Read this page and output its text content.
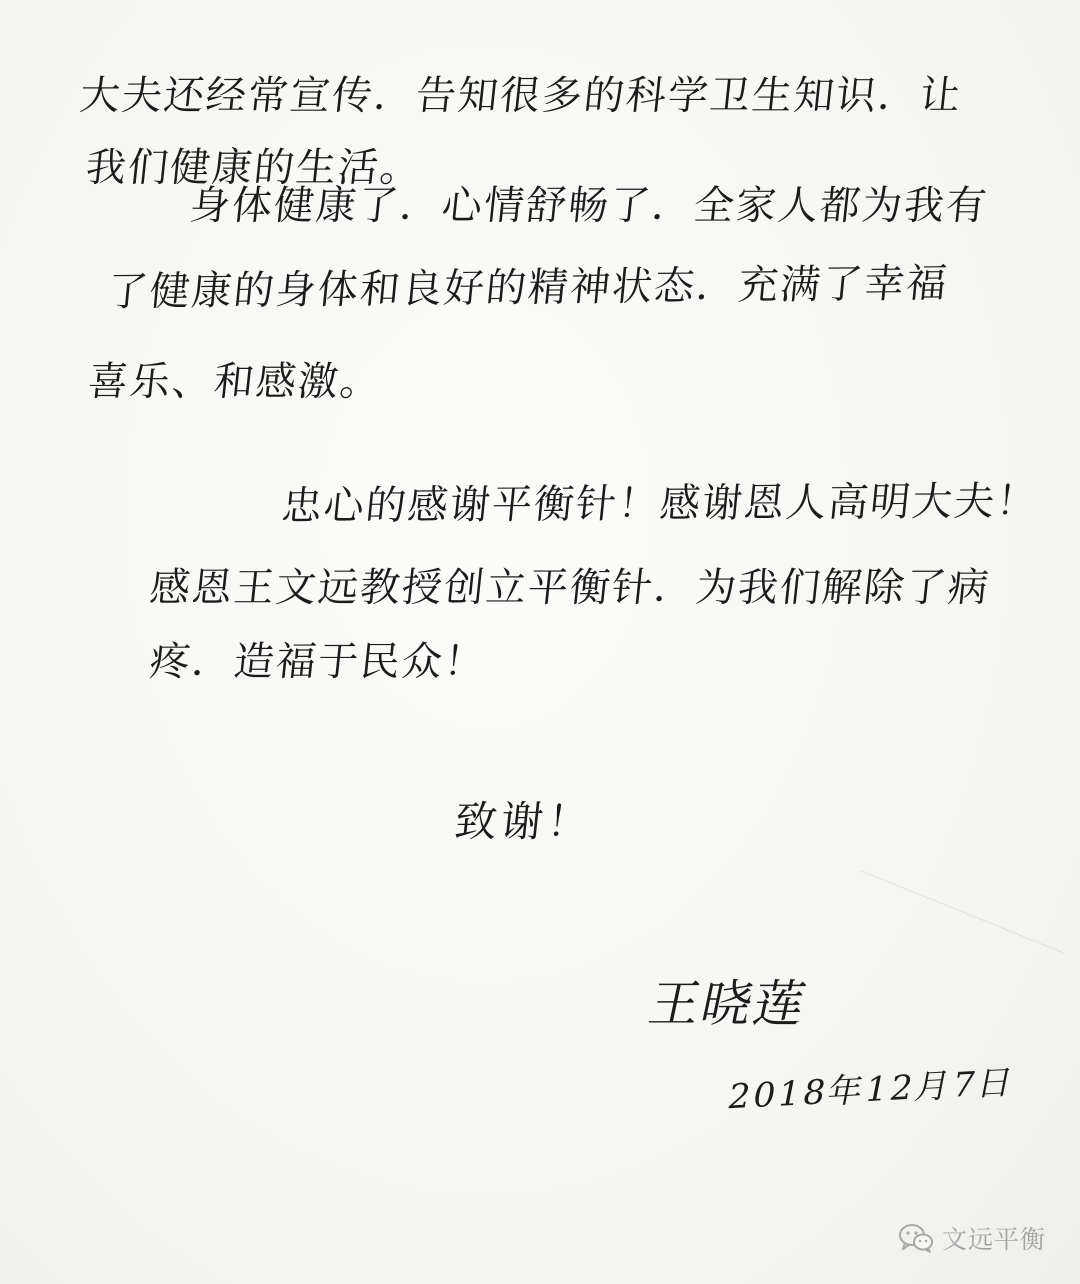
大夫还经常宣传．告知很多的科学卫生知识．让
我们健康的生活。
身体健康了．心情舒畅了．全家人都为我有
了健康的身体和良好的精神状态．充满了幸福
喜乐、和感激。
忠心的感谢平衡针！感谢恩人高明大夫！
感恩王文远教授创立平衡针．为我们解除了病
疼．造福于民众！
致谢！
王晓莲
2018年12月7日
文远平衡
